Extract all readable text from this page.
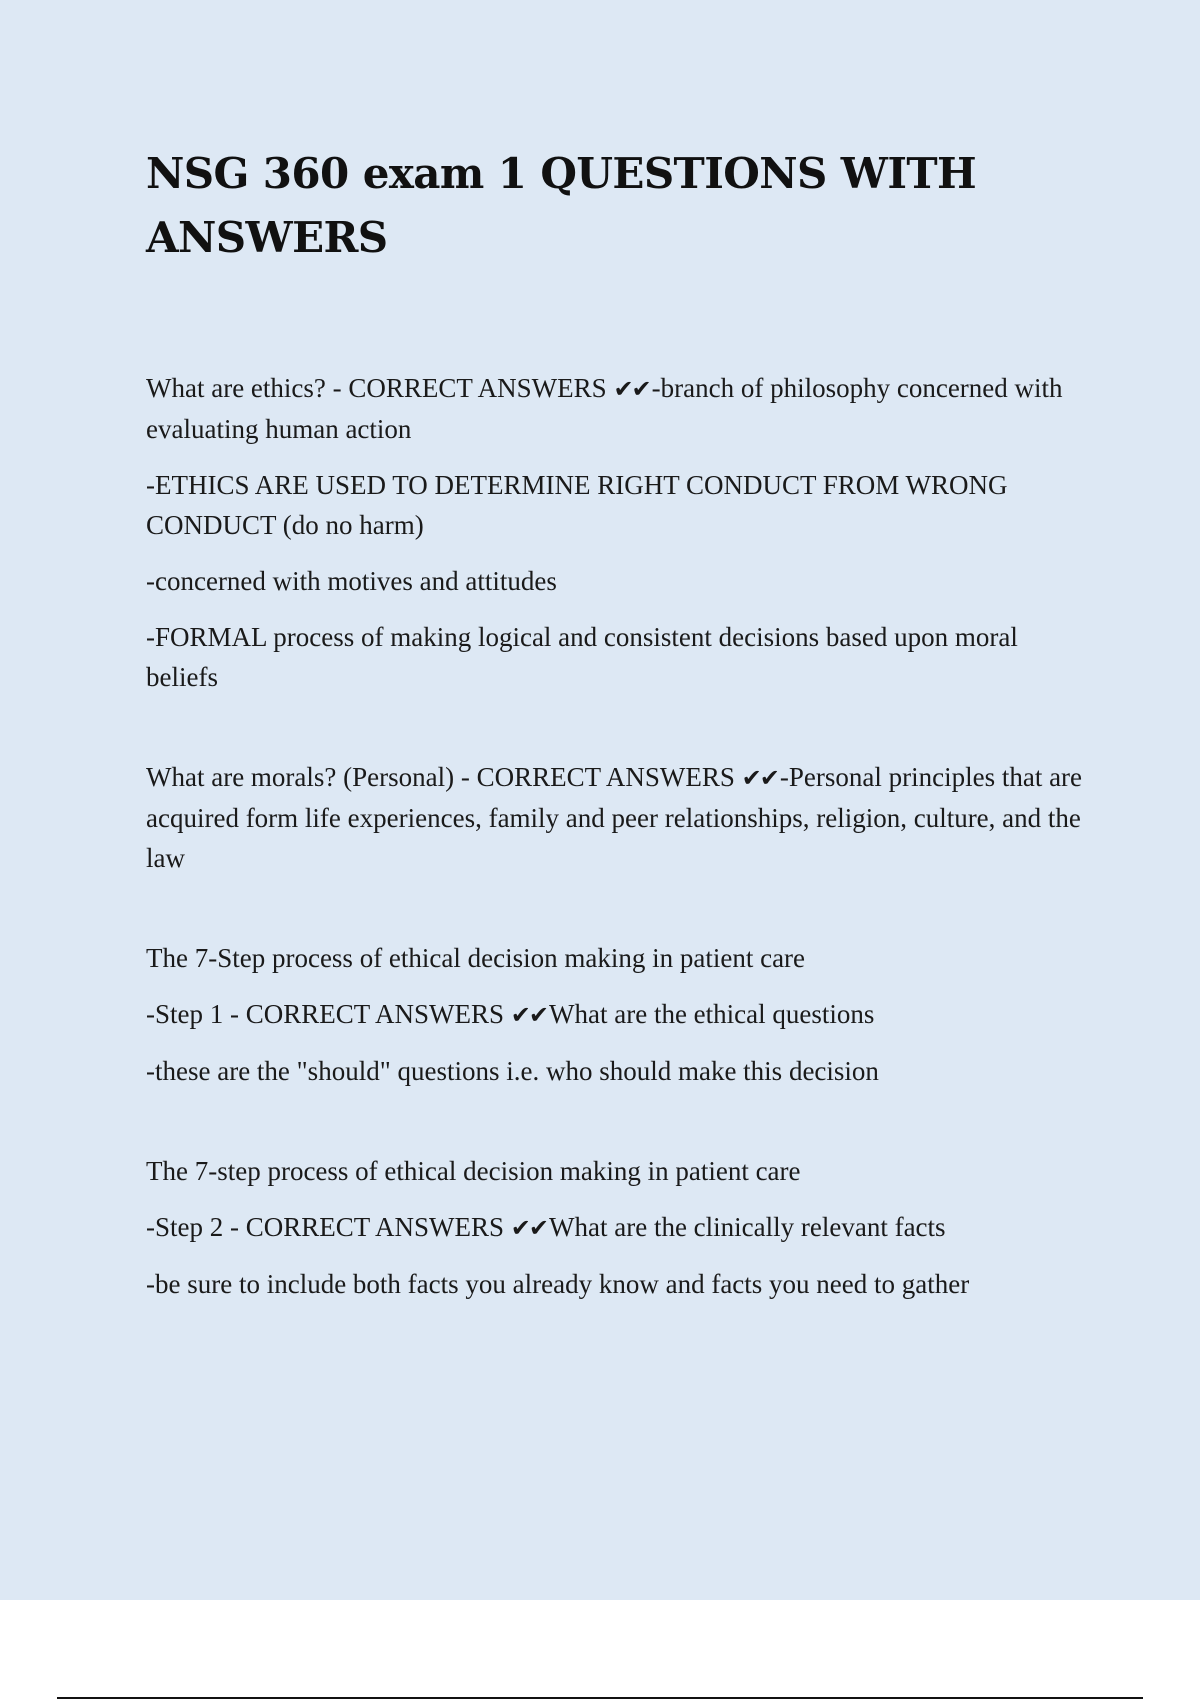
NSG 360 exam 1 QUESTIONS WITH ANSWERS

What are ethics? - CORRECT ANSWERS ✔✔-branch of philosophy concerned with evaluating human action

-ETHICS ARE USED TO DETERMINE RIGHT CONDUCT FROM WRONG CONDUCT (do no harm)

-concerned with motives and attitudes

-FORMAL process of making logical and consistent decisions based upon moral beliefs

What are morals? (Personal) - CORRECT ANSWERS ✔✔-Personal principles that are acquired form life experiences, family and peer relationships, religion, culture, and the law

The 7-Step process of ethical decision making in patient care

-Step 1 - CORRECT ANSWERS ✔✔What are the ethical questions

-these are the "should" questions i.e. who should make this decision

The 7-step process of ethical decision making in patient care

-Step 2 - CORRECT ANSWERS ✔✔What are the clinically relevant facts

-be sure to include both facts you already know and facts you need to gather
